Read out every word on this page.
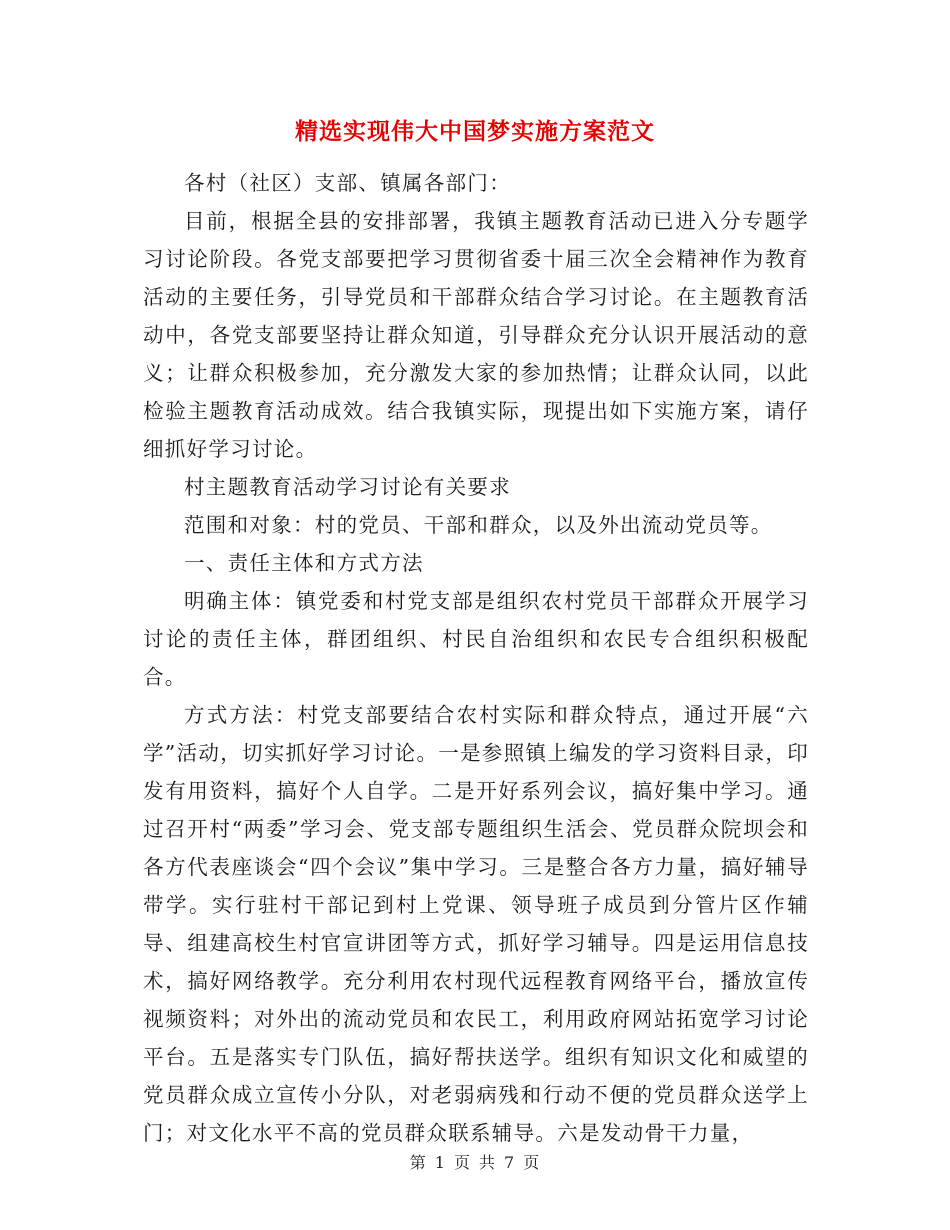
精选实现伟大中国梦实施方案范文

各村（社区）支部、镇属各部门：

目前，根据全县的安排部署，我镇主题教育活动已进入分专题学习讨论阶段。各党支部要把学习贯彻省委十届三次全会精神作为教育活动的主要任务，引导党员和干部群众结合学习讨论。在主题教育活动中，各党支部要坚持让群众知道，引导群众充分认识开展活动的意义；让群众积极参加，充分激发大家的参加热情；让群众认同，以此检验主题教育活动成效。结合我镇实际，现提出如下实施方案，请仔细抓好学习讨论。

村主题教育活动学习讨论有关要求

范围和对象：村的党员、干部和群众，以及外出流动党员等。

一、责任主体和方式方法

明确主体：镇党委和村党支部是组织农村党员干部群众开展学习讨论的责任主体，群团组织、村民自治组织和农民专合组织积极配合。

方式方法：村党支部要结合农村实际和群众特点，通过开展“六学”活动，切实抓好学习讨论。一是参照镇上编发的学习资料目录，印发有用资料，搞好个人自学。二是开好系列会议，搞好集中学习。通过召开村“两委”学习会、党支部专题组织生活会、党员群众院坝会和各方代表座谈会“四个会议”集中学习。三是整合各方力量，搞好辅导带学。实行驻村干部记到村上党课、领导班子成员到分管片区作辅导、组建高校生村官宣讲团等方式，抓好学习辅导。四是运用信息技术，搞好网络教学。充分利用农村现代远程教育网络平台，播放宣传视频资料；对外出的流动党员和农民工，利用政府网站拓宽学习讨论平台。五是落实专门队伍，搞好帮扶送学。组织有知识文化和威望的党员群众成立宣传小分队，对老弱病残和行动不便的党员群众送学上门；对文化水平不高的党员群众联系辅导。六是发动骨干力量，

第 1 页 共 7 页
